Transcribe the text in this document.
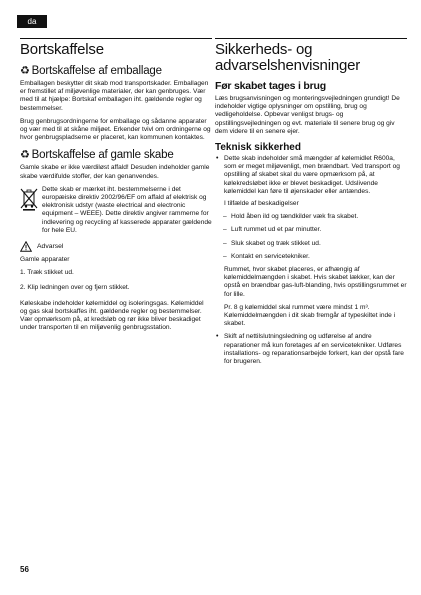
da
Bortskaffelse
♻ Bortskaffelse af emballage

Emballagen beskytter dit skab mod transportskader. Emballagen er fremstillet af miljøvenlige materialer, der kan genbruges. Vær med til at hjælpe: Bortskaf emballagen iht. gældende regler og bestemmelser.

Brug genbrugsordningerne for emballage og sådanne apparater og vær med til at skåne miljøet. Erkender tvivl om ordningerne og hvor genbrugspladserne er placeret, kan kommunen kontaktes.

♻ Bortskaffelse af gamle skabe

Gamle skabe er ikke værdiløst affald! Desuden indeholder gamle skabe værdifulde stoffer, der kan genanvendes.

Dette skab er mærket iht. bestemmelserne i det europæiske direktiv 2002/96/EF om affald af elektrisk og elektronisk udstyr (waste electrical and electronic equipment – WEEE). Dette direktiv angiver rammerne for indlevering og recycling af kasserede apparater gældende for hele EU.

Advarsel

Gamle apparater

1. Træk stikket ud.
2. Klip ledningen over og fjern stikket.

Køleskabe indeholder kølemiddel og isoleringsgas. Kølemiddel og gas skal bortskaffes iht. gældende regler og bestemmelser. Vær opmærksom på, at kredsløb og rør ikke bliver beskadiget under transporten til en miljøvenlig genbrugsstation.

Sikkerheds- og advarselshenvisninger
Før skabet tages i brug

Læs brugsanvisningen og monteringsvejledningen grundigt! De indeholder vigtige oplysninger om opstilling, brug og vedligeholdelse. Opbevar venligst brugs- og opstillingsvejledningen og evt. materiale til senere brug og giv dem videre til en senere ejer.

Teknisk sikkerhed
• Dette skab indeholder små mængder af kølemidlet R600a, som er meget miljøvenligt, men brændbart. Ved transport og opstilling af skabet skal du være opmærksom på, at kølekredsløbet ikke er blevet beskadiget. Udslivende kølemiddel kan føre til øjenskader eller antændes.

I tilfælde af beskadigelser

– Hold åben ild og tændkilder væk fra skabet.
– Luft rummet ud et par minutter.
– Sluk skabet og træk stikket ud.
– Kontakt en servicetekniker.

Rummet, hvor skabet placeres, er afhængig af kølemiddelmængden i skabet. Hvis skabet lækker, kan der opstå en brændbar gas-luft-blanding, hvis opstillingsrummet er for lille.

Pr. 8 g kølemiddel skal rummet være mindst 1 m³. Kølemiddelmængden i dit skab fremgår af typeskiltet inde i skabet.

• Skift af nettilslutningsledning og udførelse af andre reparationer må kun foretages af en servicetekniker. Udføres installations- og reparationsarbejde forkert, kan der opstå fare for brugeren.
56
